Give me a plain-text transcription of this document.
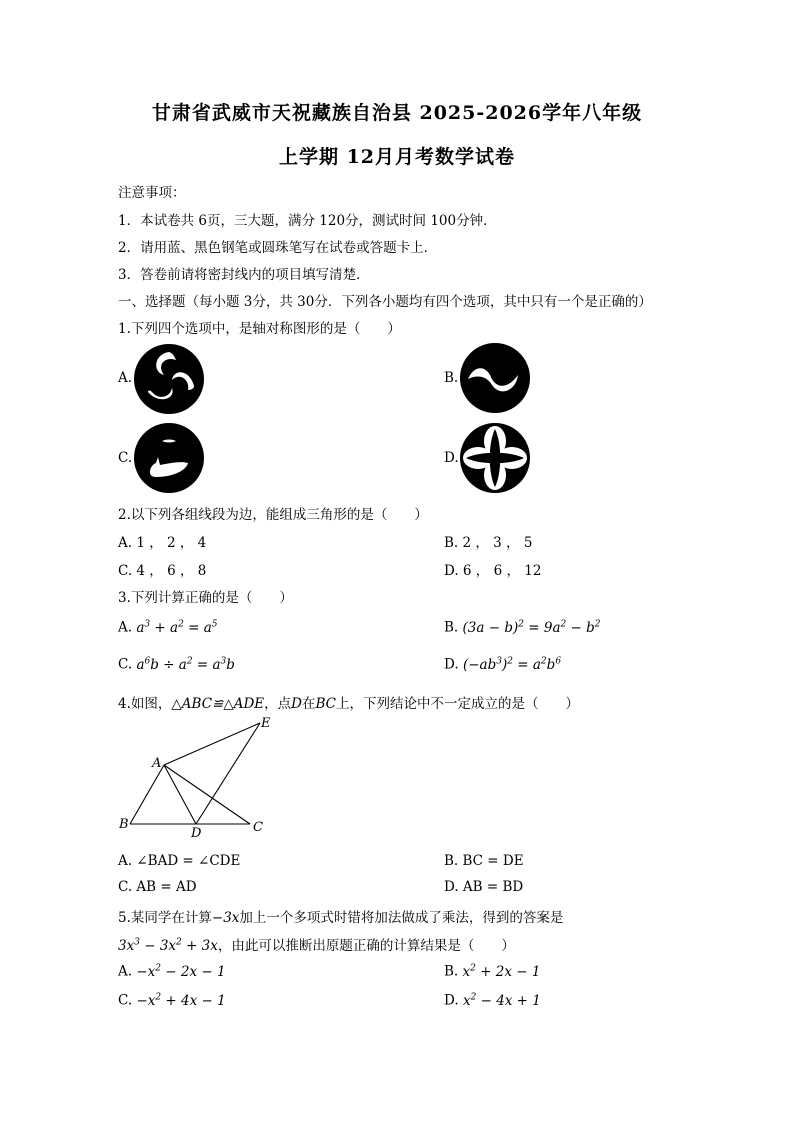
甘肃省武威市天祝藏族自治县 2025-2026学年八年级
上学期 12月月考数学试卷
注意事项：
1．本试卷共 6页，三大题，满分 120分，测试时间 100分钟．
2．请用蓝、黑色钢笔或圆珠笔写在试卷或答题卡上．
3．答卷前请将密封线内的项目填写清楚．
一、选择题（每小题 3分，共 30分．下列各小题均有四个选项，其中只有一个是正确的）
1.下列四个选项中，是轴对称图形的是（　　）
A.	B.
C.	D.
2.以下列各组线段为边，能组成三角形的是（　　）
A. 1 ， 2 ， 4	B. 2 ， 3 ， 5
C. 4 ， 6 ， 8	D. 6 ， 6 ， 12
3.下列计算正确的是（　　）
A. $a^3 + a^2 = a^5$	B. $(3a - b)^2 = 9a^2 - b^2$
C. $a^6b \div a^2 = a^3b$	D. $(-ab^3)^2 = a^2b^6$
4.如图，△ABC≌△ADE，点D在BC上，下列结论中不一定成立的是（　　）
A
B	C
D
E
A. ∠BAD = ∠CDE	B. BC = DE
C. AB = AD	D. AB = BD
5.某同学在计算−3x加上一个多项式时错将加法做成了乘法，得到的答案是
$3x^3 - 3x^2 + 3x$，由此可以推断出原题正确的计算结果是（　　）
A. $-x^2 - 2x - 1$	B. $x^2 + 2x - 1$
C. $-x^2 + 4x - 1$	D. $x^2 - 4x + 1$
